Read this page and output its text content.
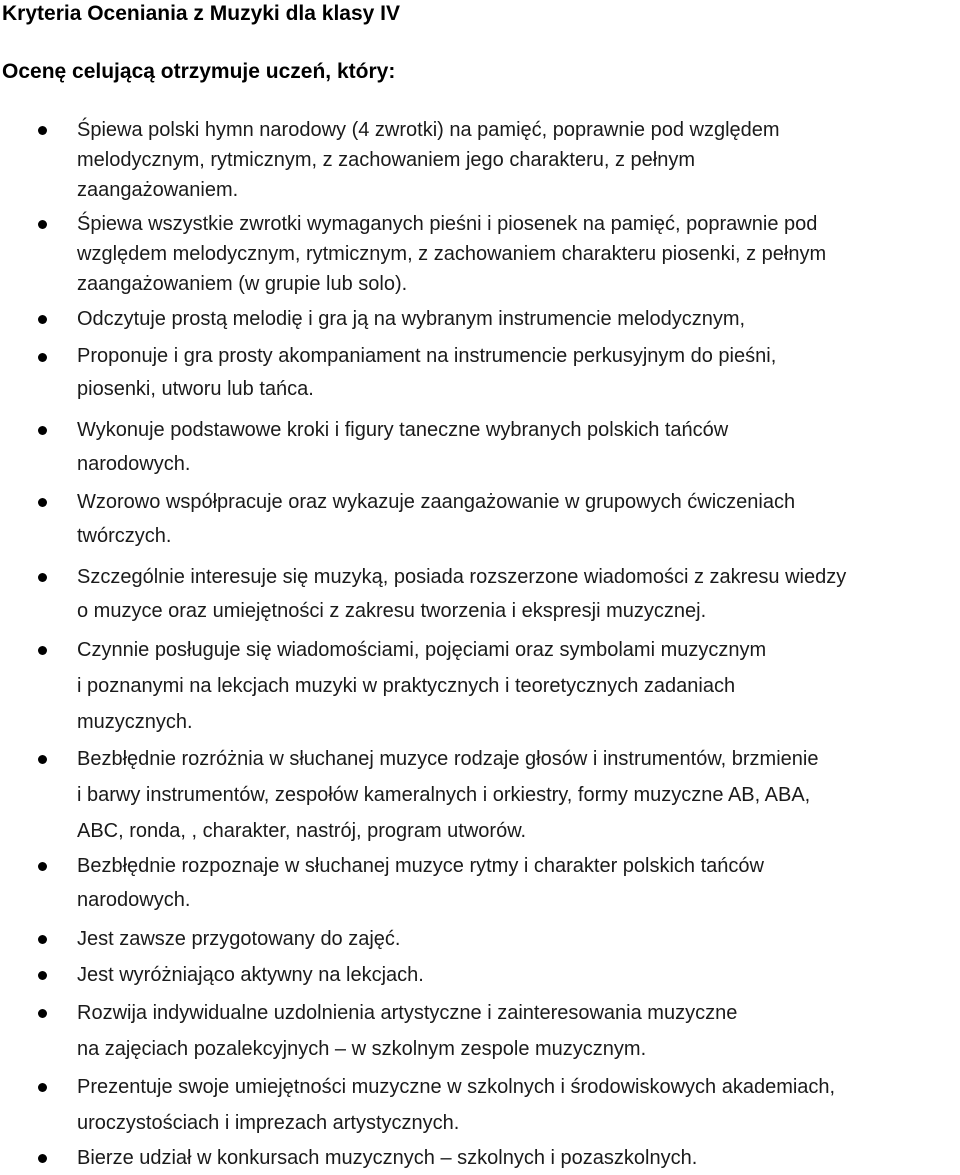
Kryteria Oceniania z Muzyki dla klasy IV
Ocenę celującą otrzymuje uczeń, który:
Śpiewa polski hymn narodowy (4 zwrotki) na pamięć, poprawnie pod względem
melodycznym, rytmicznym, z zachowaniem jego charakteru, z pełnym
zaangażowaniem.
Śpiewa wszystkie zwrotki wymaganych pieśni i piosenek na pamięć, poprawnie pod
względem melodycznym, rytmicznym, z zachowaniem charakteru piosenki, z pełnym
zaangażowaniem (w grupie lub solo).
Odczytuje prostą melodię i gra ją na wybranym instrumencie melodycznym,
Proponuje i gra prosty akompaniament na instrumencie perkusyjnym do pieśni,
piosenki, utworu lub tańca.
Wykonuje podstawowe kroki i figury taneczne wybranych polskich tańców
narodowych.
Wzorowo współpracuje oraz wykazuje zaangażowanie w grupowych ćwiczeniach
twórczych.
Szczególnie interesuje się muzyką, posiada rozszerzone wiadomości z zakresu wiedzy
o muzyce oraz umiejętności z zakresu tworzenia i ekspresji muzycznej.
Czynnie posługuje się wiadomościami, pojęciami oraz symbolami muzycznym
i poznanymi na lekcjach muzyki w praktycznych i teoretycznych zadaniach
muzycznych.
Bezbłędnie rozróżnia w słuchanej muzyce rodzaje głosów i instrumentów, brzmienie
i barwy instrumentów, zespołów kameralnych i orkiestry, formy muzyczne AB, ABA,
ABC, ronda, , charakter, nastrój, program utworów.
Bezbłędnie rozpoznaje w słuchanej muzyce rytmy i charakter polskich tańców
narodowych.
Jest zawsze przygotowany do zajęć.
Jest wyróżniająco aktywny na lekcjach.
Rozwija indywidualne uzdolnienia artystyczne i zainteresowania muzyczne
na zajęciach pozalekcyjnych – w szkolnym zespole muzycznym.
Prezentuje swoje umiejętności muzyczne w szkolnych i środowiskowych akademiach,
uroczystościach i imprezach artystycznych.
Bierze udział w konkursach muzycznych – szkolnych i pozaszkolnych.
